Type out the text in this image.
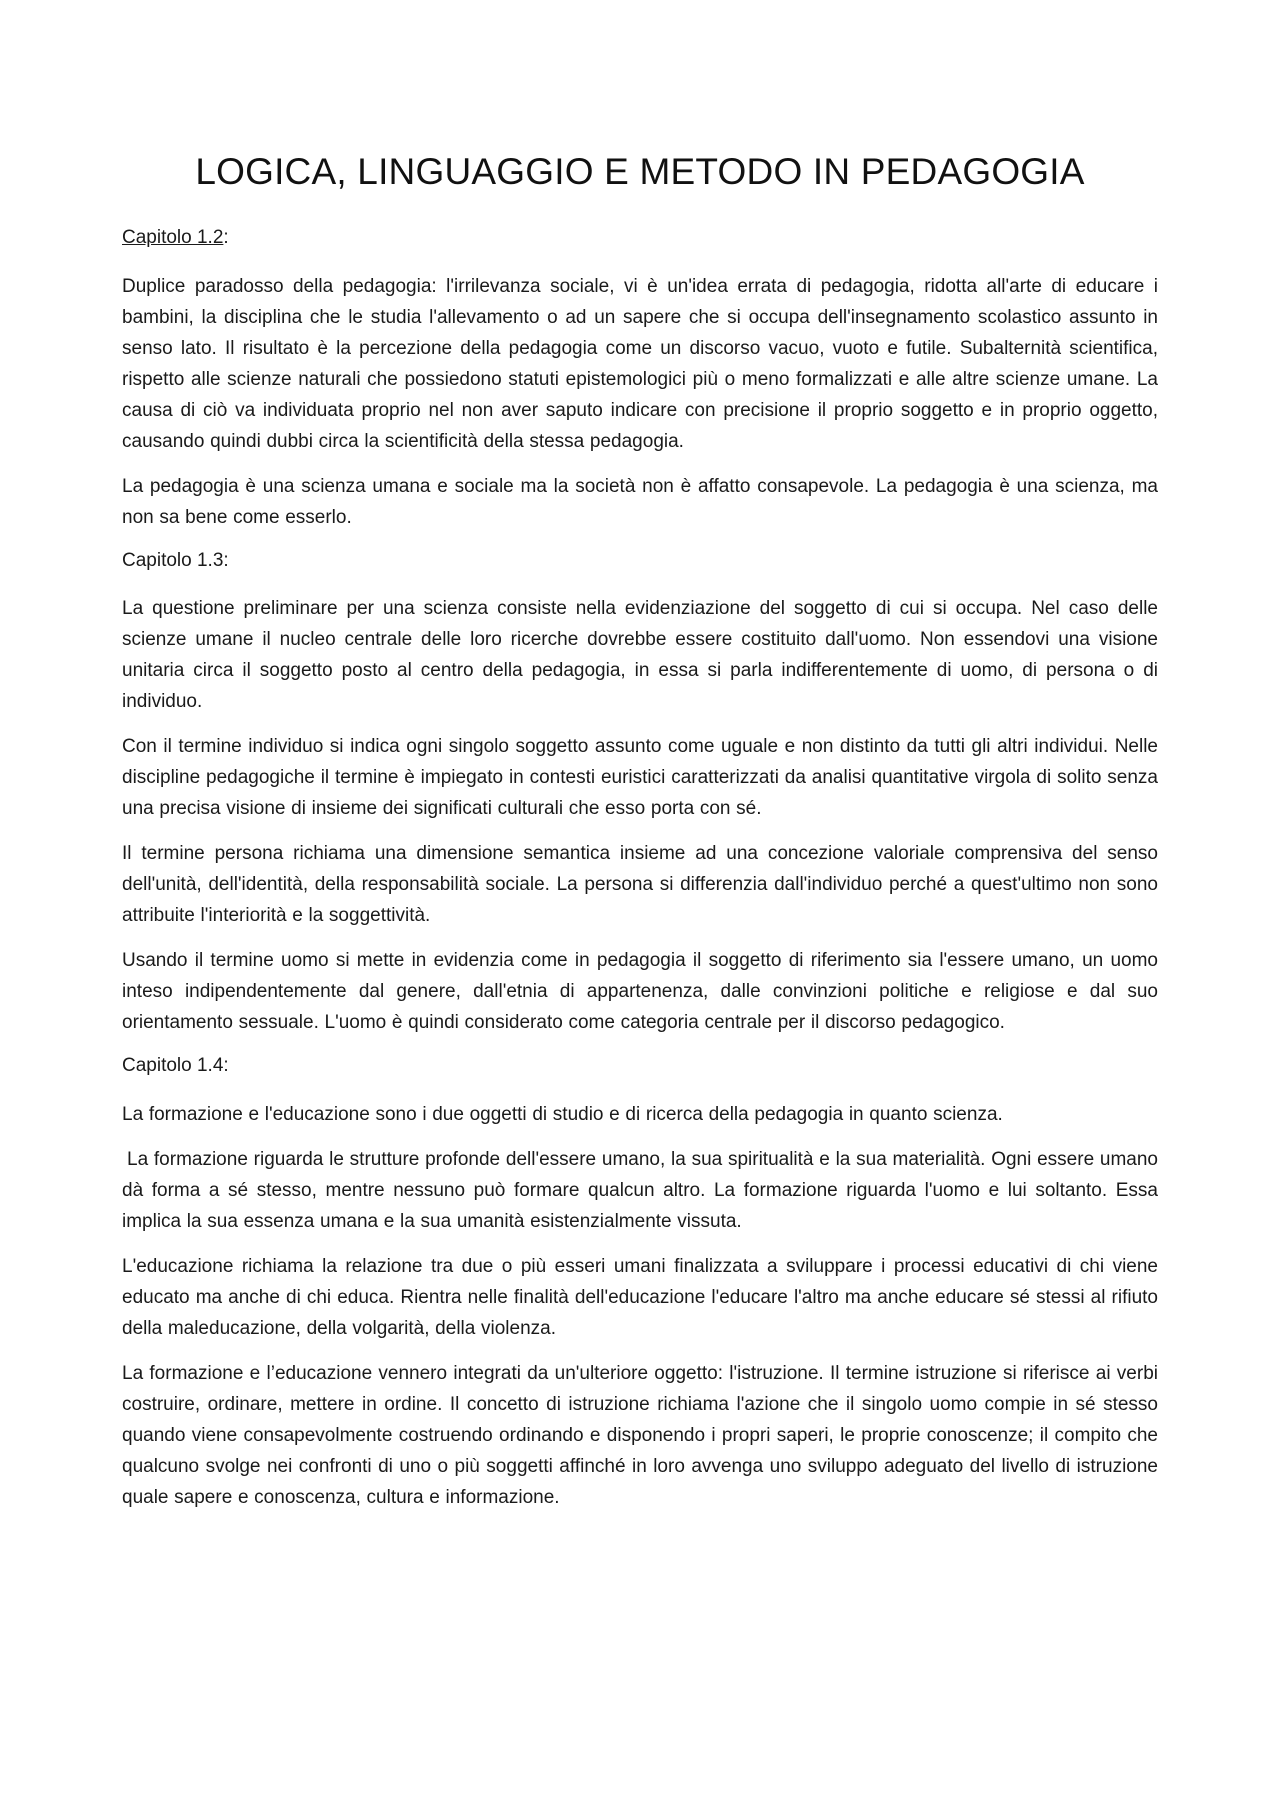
LOGICA, LINGUAGGIO E METODO IN PEDAGOGIA
Capitolo 1.2:

Duplice paradosso della pedagogia: l'irrilevanza sociale, vi è un'idea errata di pedagogia, ridotta all'arte di educare i bambini, la disciplina che le studia l'allevamento o ad un sapere che si occupa dell'insegnamento scolastico assunto in senso lato. Il risultato è la percezione della pedagogia come un discorso vacuo, vuoto e futile. Subalternità scientifica, rispetto alle scienze naturali che possiedono statuti epistemologici più o meno formalizzati e alle altre scienze umane. La causa di ciò va individuata proprio nel non aver saputo indicare con precisione il proprio soggetto e in proprio oggetto, causando quindi dubbi circa la scientificità della stessa pedagogia.

La pedagogia è una scienza umana e sociale ma la società non è affatto consapevole. La pedagogia è una scienza, ma non sa bene come esserlo.

Capitolo 1.3:

La questione preliminare per una scienza consiste nella evidenziazione del soggetto di cui si occupa. Nel caso delle scienze umane il nucleo centrale delle loro ricerche dovrebbe essere costituito dall'uomo. Non essendovi una visione unitaria circa il soggetto posto al centro della pedagogia, in essa si parla indifferentemente di uomo, di persona o di individuo.

Con il termine individuo si indica ogni singolo soggetto assunto come uguale e non distinto da tutti gli altri individui. Nelle discipline pedagogiche il termine è impiegato in contesti euristici caratterizzati da analisi quantitative virgola di solito senza una precisa visione di insieme dei significati culturali che esso porta con sé.

Il termine persona richiama una dimensione semantica insieme ad una concezione valoriale comprensiva del senso dell'unità, dell'identità, della responsabilità sociale. La persona si differenzia dall'individuo perché a quest'ultimo non sono attribuite l'interiorità e la soggettività.

Usando il termine uomo si mette in evidenzia come in pedagogia il soggetto di riferimento sia l'essere umano, un uomo inteso indipendentemente dal genere, dall'etnia di appartenenza, dalle convinzioni politiche e religiose e dal suo orientamento sessuale. L'uomo è quindi considerato come categoria centrale per il discorso pedagogico.

Capitolo 1.4:

La formazione e l'educazione sono i due oggetti di studio e di ricerca della pedagogia in quanto scienza.

La formazione riguarda le strutture profonde dell'essere umano, la sua spiritualità e la sua materialità. Ogni essere umano dà forma a sé stesso, mentre nessuno può formare qualcun altro. La formazione riguarda l'uomo e lui soltanto. Essa implica la sua essenza umana e la sua umanità esistenzialmente vissuta.

L'educazione richiama la relazione tra due o più esseri umani finalizzata a sviluppare i processi educativi di chi viene educato ma anche di chi educa. Rientra nelle finalità dell'educazione l'educare l'altro ma anche educare sé stessi al rifiuto della maleducazione, della volgarità, della violenza.

La formazione e l’educazione vennero integrati da un'ulteriore oggetto: l'istruzione. Il termine istruzione si riferisce ai verbi costruire, ordinare, mettere in ordine. Il concetto di istruzione richiama l'azione che il singolo uomo compie in sé stesso quando viene consapevolmente costruendo ordinando e disponendo i propri saperi, le proprie conoscenze; il compito che qualcuno svolge nei confronti di uno o più soggetti affinché in loro avvenga uno sviluppo adeguato del livello di istruzione quale sapere e conoscenza, cultura e informazione.
